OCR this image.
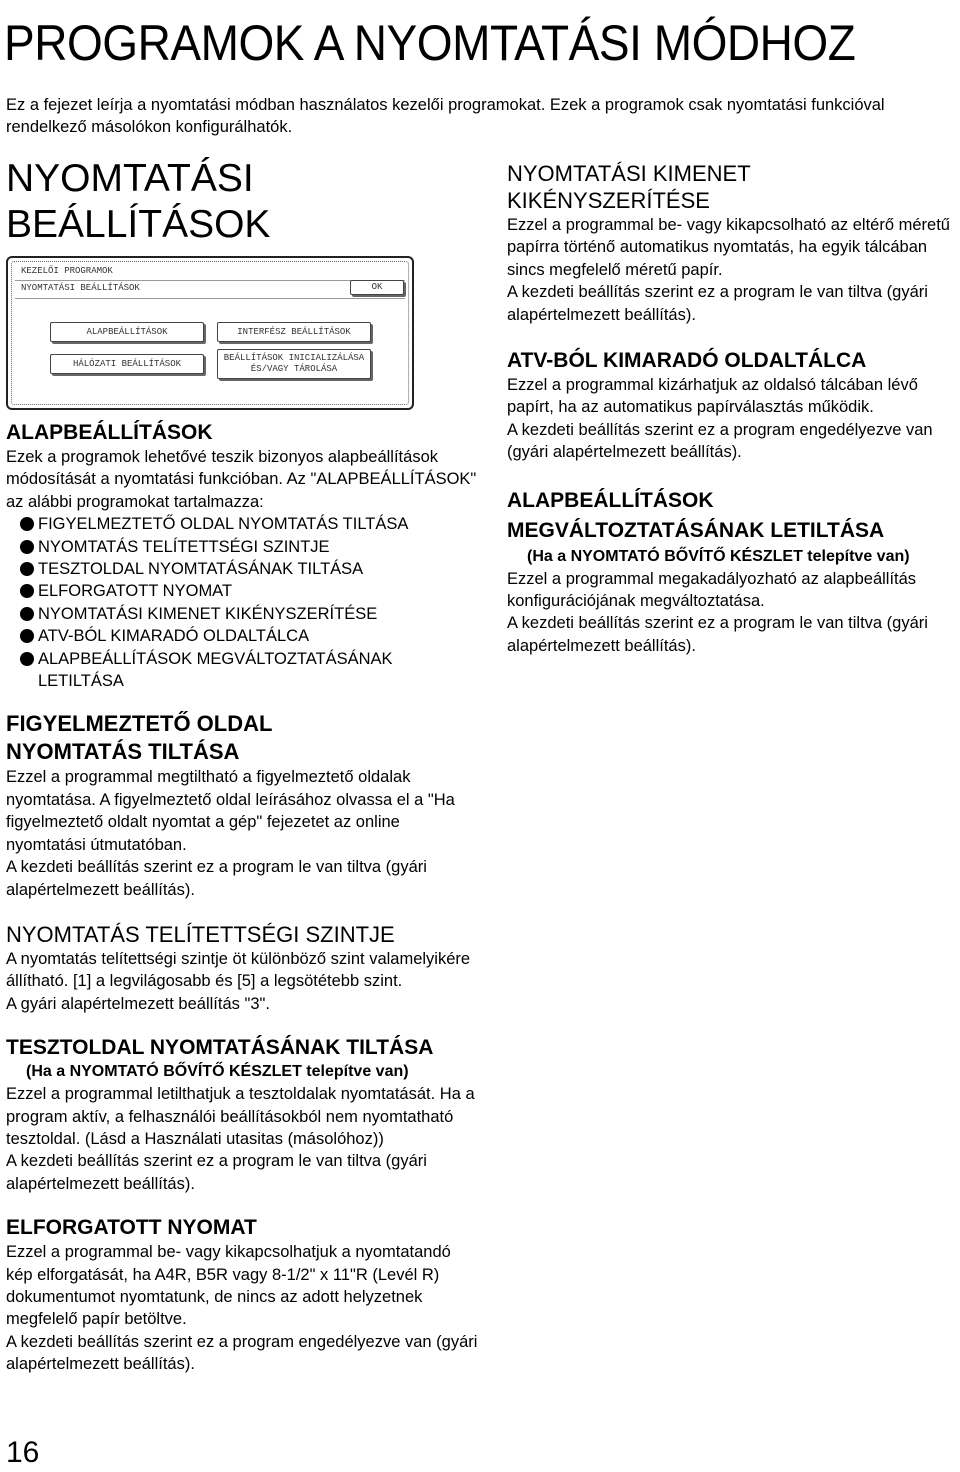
PROGRAMOK A NYOMTATÁSI MÓDHOZ
Ez a fejezet leírja a nyomtatási módban használatos kezelői programokat. Ezek a programok csak nyomtatási funkcióval rendelkező másolókon konfigurálhatók.
NYOMTATÁSI
BEÁLLÍTÁSOK
KEZELŐI PROGRAMOK
NYOMTATÁSI BEÁLLÍTÁSOK	OK
ALAPBEÁLLÍTÁSOK	INTERFÉSZ BEÁLLÍTÁSOK
HÁLÓZATI BEÁLLÍTÁSOK
BEÁLLÍTÁSOK INICIALIZÁLÁSA
ÉS/VAGY TÁROLÁSA
ALAPBEÁLLÍTÁSOK
Ezek a programok lehetővé teszik bizonyos alapbeállítások módosítását a nyomtatási funkcióban. Az "ALAPBEÁLLÍTÁSOK" az alábbi programokat tartalmazza:
FIGYELMEZTETŐ OLDAL NYOMTATÁS TILTÁSA
NYOMTATÁS TELÍTETTSÉGI SZINTJE
TESZTOLDAL NYOMTATÁSÁNAK TILTÁSA
ELFORGATOTT NYOMAT
NYOMTATÁSI KIMENET KIKÉNYSZERÍTÉSE
ATV-BÓL KIMARADÓ OLDALTÁLCA
ALAPBEÁLLÍTÁSOK MEGVÁLTOZTATÁSÁNAK LETILTÁSA
FIGYELMEZTETŐ OLDAL
NYOMTATÁS TILTÁSA
Ezzel a programmal megtiltható a figyelmeztető oldalak nyomtatása. A figyelmeztető oldal leírásához olvassa el a "Ha figyelmeztető oldalt nyomtat a gép" fejezetet az online nyomtatási útmutatóban.
A kezdeti beállítás szerint ez a program le van tiltva (gyári alapértelmezett beállítás).
NYOMTATÁS TELÍTETTSÉGI SZINTJE
A nyomtatás telítettségi szintje öt különböző szint valamelyikére állítható. [1] a legvilágosabb és [5] a legsötétebb szint.
A gyári alapértelmezett beállítás "3".
TESZTOLDAL NYOMTATÁSÁNAK TILTÁSA
(Ha a NYOMTATÓ BŐVÍTŐ KÉSZLET telepítve van)
Ezzel a programmal letilthatjuk a tesztoldalak nyomtatását. Ha a program aktív, a felhasználói beállításokból nem nyomtatható tesztoldal. (Lásd a Használati utasitas (másolóhoz))
A kezdeti beállítás szerint ez a program le van tiltva (gyári alapértelmezett beállítás).
ELFORGATOTT NYOMAT
Ezzel a programmal be- vagy kikapcsolhatjuk a nyomtatandó kép elforgatását, ha A4R, B5R vagy 8-1/2" x 11"R (Levél R) dokumentumot nyomtatunk, de nincs az adott helyzetnek megfelelő papír betöltve.
A kezdeti beállítás szerint ez a program engedélyezve van (gyári alapértelmezett beállítás).
NYOMTATÁSI KIMENET
KIKÉNYSZERÍTÉSE
Ezzel a programmal be- vagy kikapcsolható az eltérő méretű papírra történő automatikus nyomtatás, ha egyik tálcában sincs megfelelő méretű papír.
A kezdeti beállítás szerint ez a program le van tiltva (gyári alapértelmezett beállítás).
ATV-BÓL KIMARADÓ OLDALTÁLCA
Ezzel a programmal kizárhatjuk az oldalsó tálcában lévő papírt, ha az automatikus papírválasztás működik.
A kezdeti beállítás szerint ez a program engedélyezve van (gyári alapértelmezett beállítás).
ALAPBEÁLLÍTÁSOK
MEGVÁLTOZTATÁSÁNAK LETILTÁSA
(Ha a NYOMTATÓ BŐVÍTŐ KÉSZLET telepítve van)
Ezzel a programmal megakadályozható az alapbeállítás konfigurációjának megváltoztatása.
A kezdeti beállítás szerint ez a program le van tiltva (gyári alapértelmezett beállítás).
16
